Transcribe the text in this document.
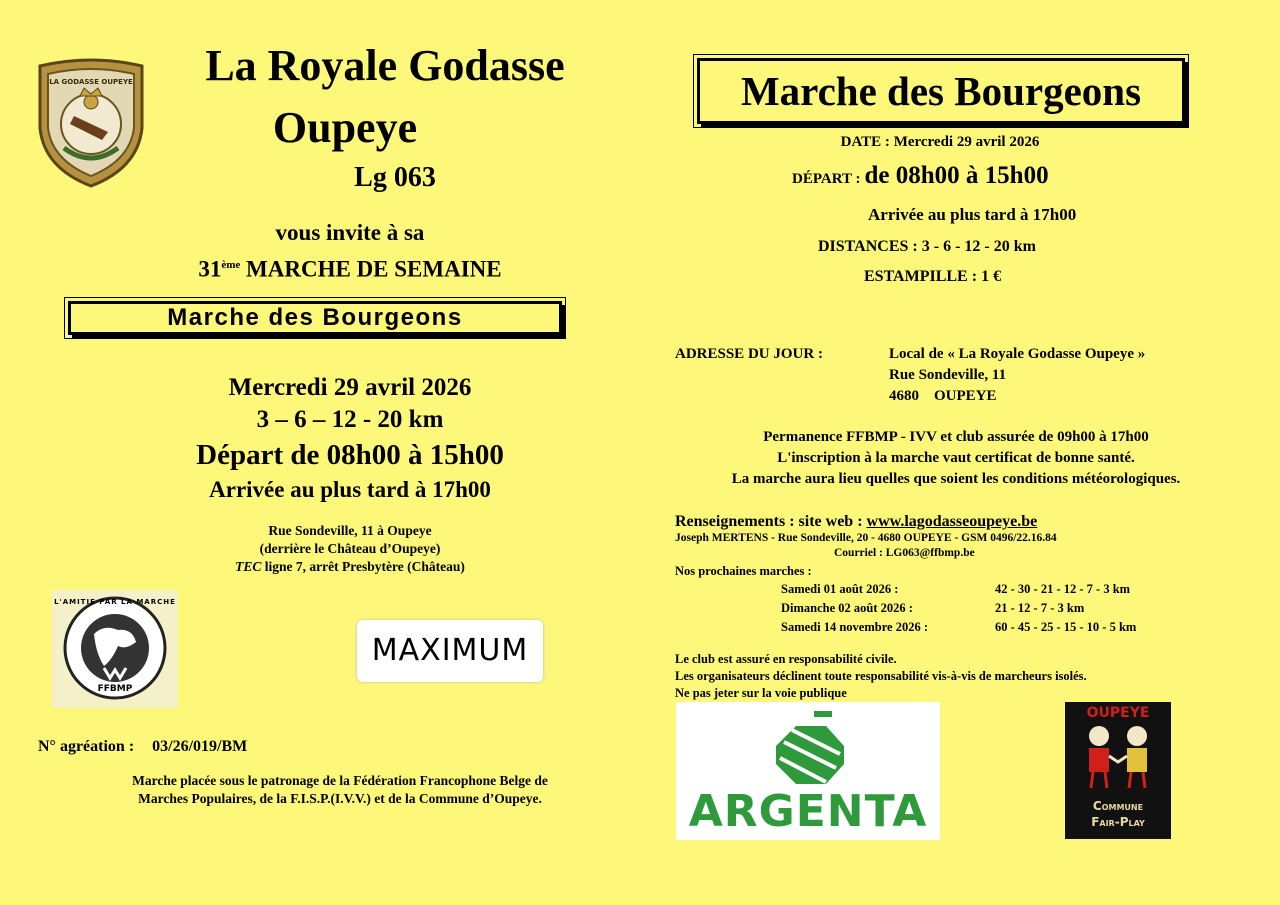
LA GODASSE OUPEYE	La Royale Godasse
Oupeye
Lg 063
vous invite à sa
31ème MARCHE DE SEMAINE
Marche des Bourgeons
Mercredi 29 avril 2026
3 – 6 – 12 - 20 km
Départ de 08h00 à 15h00
Arrivée au plus tard à 17h00
Rue Sondeville, 11 à Oupeye
(derrière le Château d’Oupeye)
TEC ligne 7, arrêt Presbytère (Château)
L'AMITIE PAR LA MARCHE
FFBMP
MAXIMUM
N° agréation : 03/26/019/BM
Marche placée sous le patronage de la Fédération Francophone Belge de
Marches Populaires, de la F.I.S.P.(I.V.V.) et de la Commune d’Oupeye.
Marche des Bourgeons
DATE : Mercredi 29 avril 2026
DÉPART : de 08h00 à 15h00
Arrivée au plus tard à 17h00
DISTANCES : 3 - 6 - 12 - 20 km
ESTAMPILLE : 1 €
ADRESSE DU JOUR :	Local de « La Royale Godasse Oupeye »
Rue Sondeville, 11
4680    OUPEYE
Permanence FFBMP - IVV et club assurée de 09h00 à 17h00
L'inscription à la marche vaut certificat de bonne santé.
La marche aura lieu quelles que soient les conditions météorologiques.
Renseignements : site web : www.lagodasseoupeye.be
Joseph MERTENS - Rue Sondeville, 20 - 4680 OUPEYE - GSM 0496/22.16.84
Courriel : LG063@ffbmp.be
Nos prochaines marches :
Samedi 01 août 2026 :	42 - 30 - 21 - 12 - 7 - 3 km
Dimanche 02 août 2026 :	21 - 12 - 7 - 3 km
Samedi 14 novembre 2026 :	60 - 45 - 25 - 15 - 10 - 5 km
Le club est assuré en responsabilité civile.
Les organisateurs déclinent toute responsabilité vis-à-vis de marcheurs isolés.
Ne pas jeter sur la voie publique
ARGENTA
OUPEYE
Commune
Fair-Play
